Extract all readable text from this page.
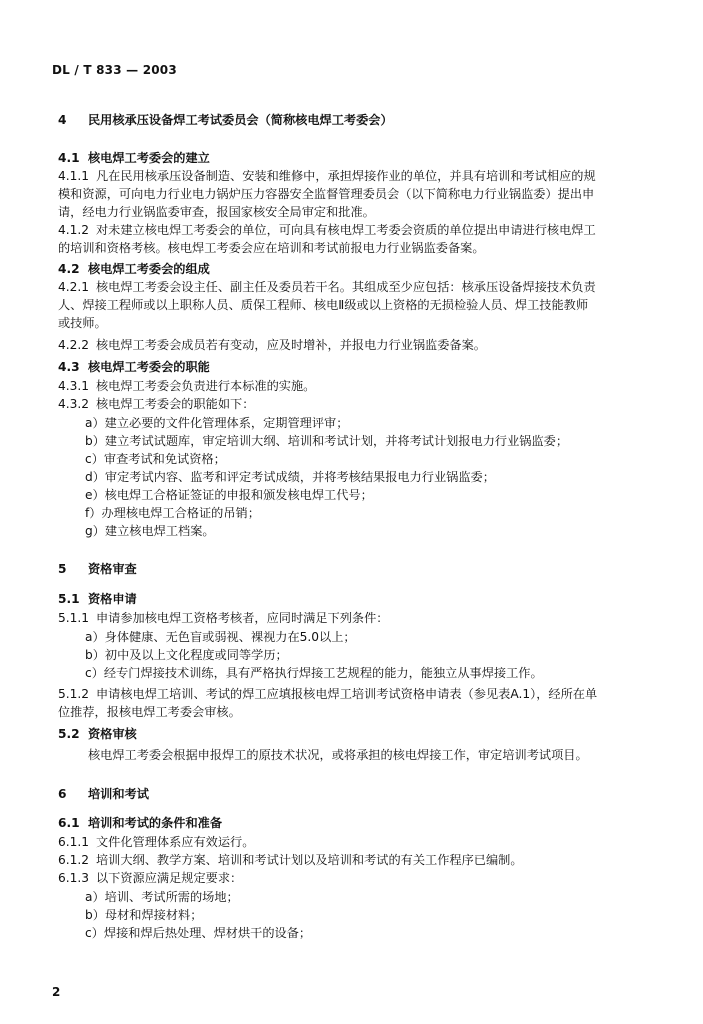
DL / T 833 — 2003
4 民用核承压设备焊工考试委员会（简称核电焊工考委会）
4.1 核电焊工考委会的建立
4.1.1 凡在民用核承压设备制造、安装和维修中，承担焊接作业的单位，并具有培训和考试相应的规
模和资源，可向电力行业电力锅炉压力容器安全监督管理委员会（以下简称电力行业锅监委）提出申
请，经电力行业锅监委审查，报国家核安全局审定和批准。
4.1.2 对未建立核电焊工考委会的单位，可向具有核电焊工考委会资质的单位提出申请进行核电焊工
的培训和资格考核。核电焊工考委会应在培训和考试前报电力行业锅监委备案。
4.2 核电焊工考委会的组成
4.2.1 核电焊工考委会设主任、副主任及委员若干名。其组成至少应包括：核承压设备焊接技术负责
人、焊接工程师或以上职称人员、质保工程师、核电Ⅱ级或以上资格的无损检验人员、焊工技能教师
或技师。
4.2.2 核电焊工考委会成员若有变动，应及时增补，并报电力行业锅监委备案。
4.3 核电焊工考委会的职能
4.3.1 核电焊工考委会负责进行本标准的实施。
4.3.2 核电焊工考委会的职能如下：
a）建立必要的文件化管理体系，定期管理评审；
b）建立考试试题库，审定培训大纲、培训和考试计划，并将考试计划报电力行业锅监委；
c）审查考试和免试资格；
d）审定考试内容、监考和评定考试成绩，并将考核结果报电力行业锅监委；
e）核电焊工合格证签证的申报和颁发核电焊工代号；
f）办理核电焊工合格证的吊销；
g）建立核电焊工档案。
5 资格审查
5.1 资格申请
5.1.1 申请参加核电焊工资格考核者，应同时满足下列条件：
a）身体健康、无色盲或弱视、裸视力在5.0以上；
b）初中及以上文化程度或同等学历；
c）经专门焊接技术训练，具有严格执行焊接工艺规程的能力，能独立从事焊接工作。
5.1.2 申请核电焊工培训、考试的焊工应填报核电焊工培训考试资格申请表（参见表A.1），经所在单
位推荐，报核电焊工考委会审核。
5.2 资格审核
核电焊工考委会根据申报焊工的原技术状况，或将承担的核电焊接工作，审定培训考试项目。
6 培训和考试
6.1 培训和考试的条件和准备
6.1.1 文件化管理体系应有效运行。
6.1.2 培训大纲、教学方案、培训和考试计划以及培训和考试的有关工作程序已编制。
6.1.3 以下资源应满足规定要求：
a）培训、考试所需的场地；
b）母材和焊接材料；
c）焊接和焊后热处理、焊材烘干的设备；
2
